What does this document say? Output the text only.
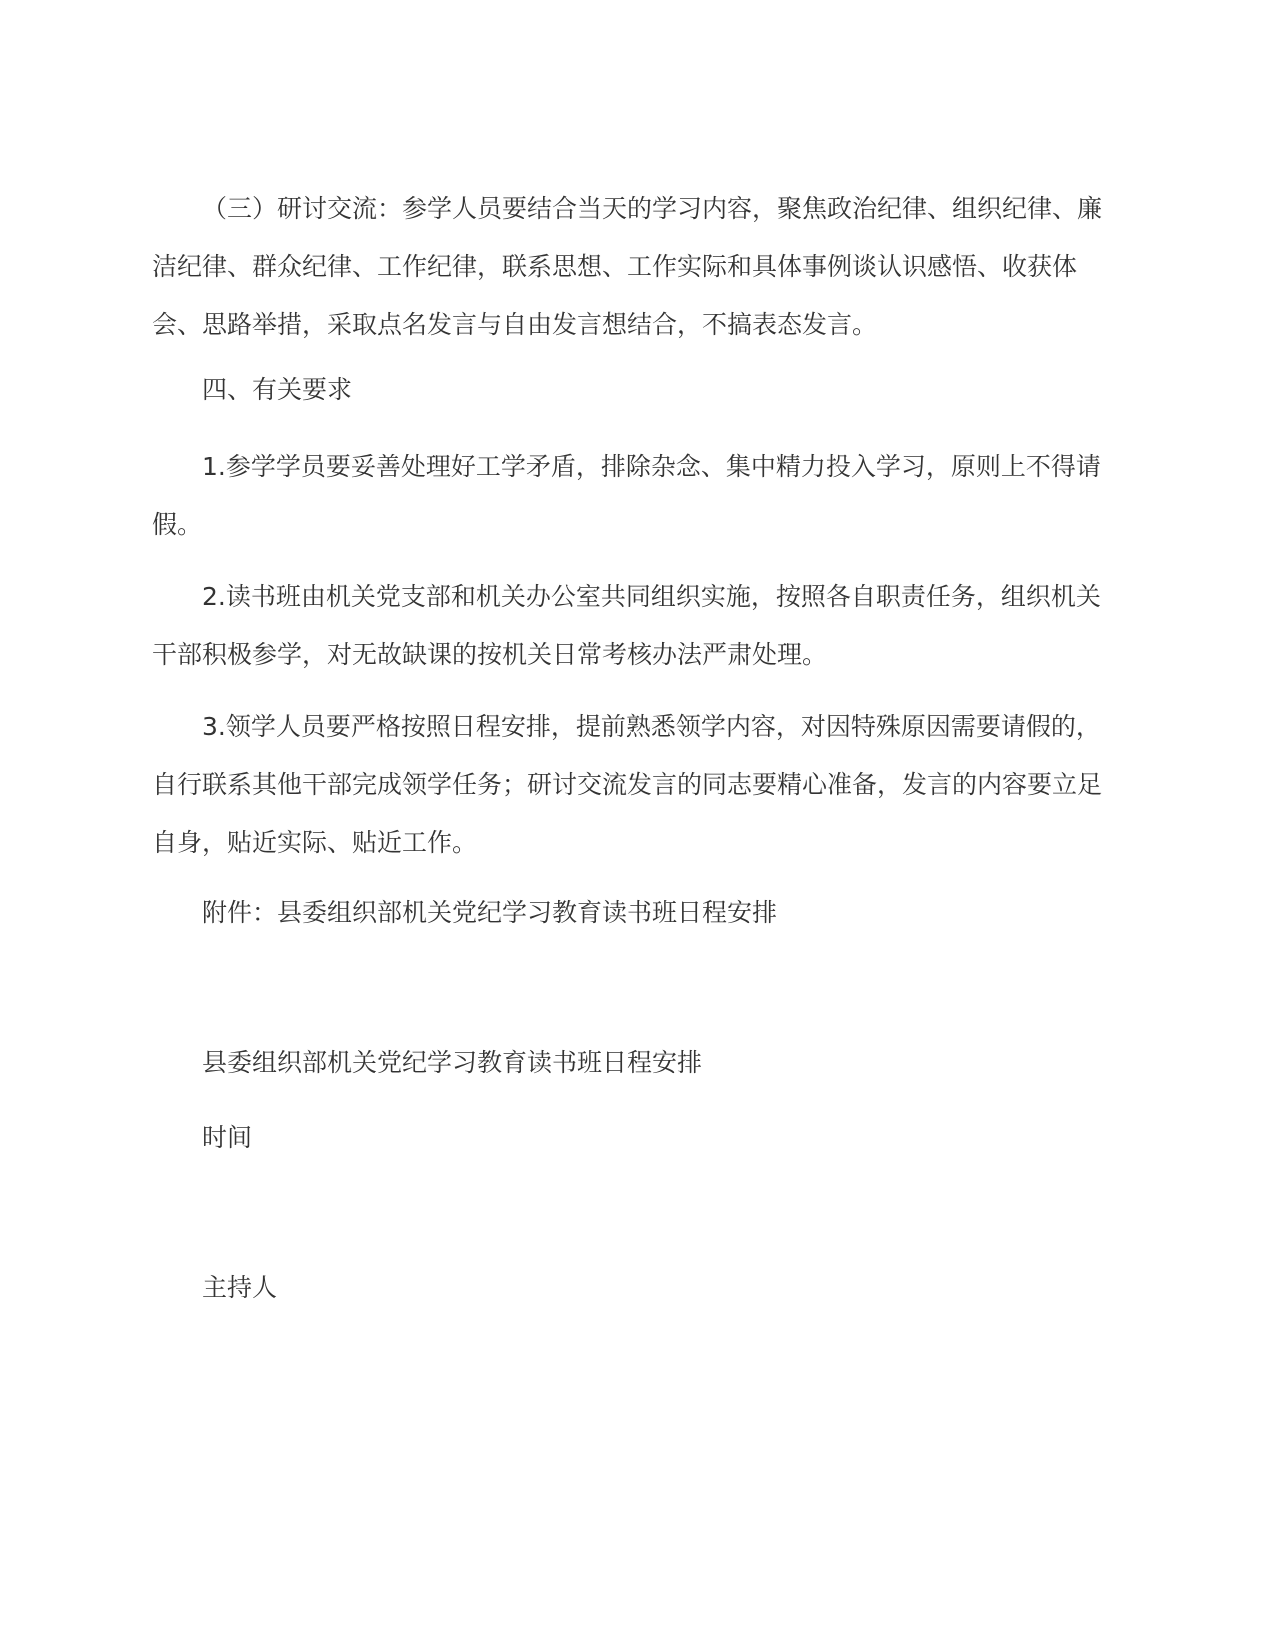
（三）研讨交流：参学人员要结合当天的学习内容，聚焦政治纪律、组织纪律、廉洁纪律、群众纪律、工作纪律，联系思想、工作实际和具体事例谈认识感悟、收获体会、思路举措，采取点名发言与自由发言想结合，不搞表态发言。

四、有关要求

1.参学学员要妥善处理好工学矛盾，排除杂念、集中精力投入学习，原则上不得请假。

2.读书班由机关党支部和机关办公室共同组织实施，按照各自职责任务，组织机关干部积极参学，对无故缺课的按机关日常考核办法严肃处理。

3.领学人员要严格按照日程安排，提前熟悉领学内容，对因特殊原因需要请假的，自行联系其他干部完成领学任务；研讨交流发言的同志要精心准备，发言的内容要立足自身，贴近实际、贴近工作。

附件：县委组织部机关党纪学习教育读书班日程安排
县委组织部机关党纪学习教育读书班日程安排
时间
主持人
